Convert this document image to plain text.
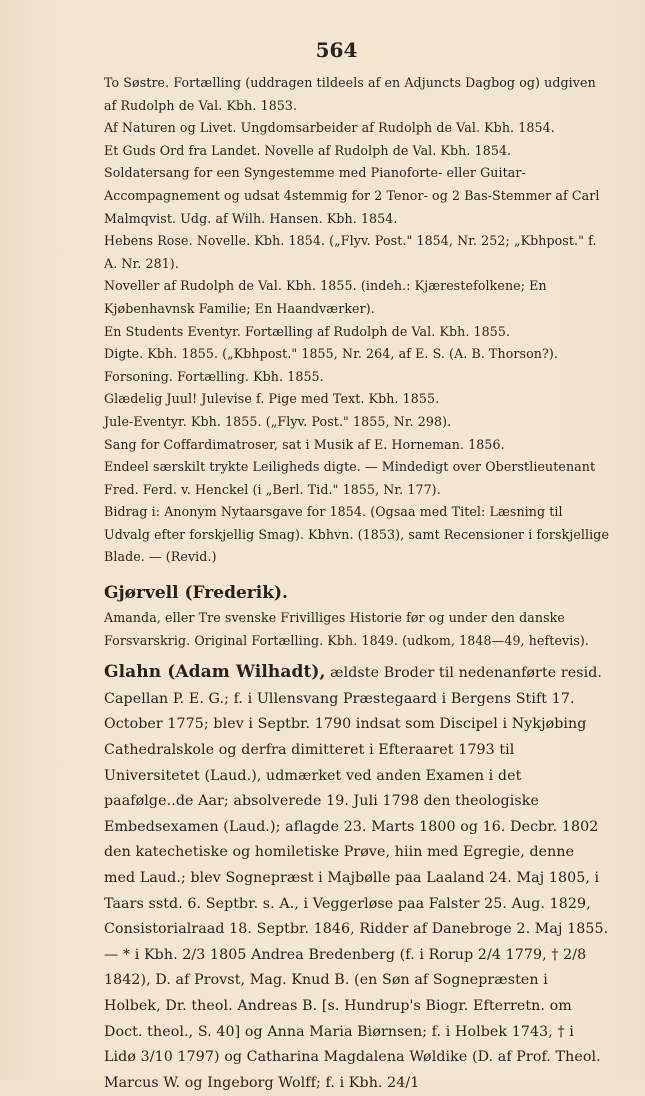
564

To Søstre. Fortælling (uddragen tildeels af en Adjuncts Dagbog og) udgiven af Rudolph de Val. Kbh. 1853.

Af Naturen og Livet. Ungdomsarbeider af Rudolph de Val. Kbh. 1854.

Et Guds Ord fra Landet. Novelle af Rudolph de Val. Kbh. 1854.

Soldatersang for een Syngestemme med Pianoforte- eller Guitar-Accompagnement og udsat 4stemmig for 2 Tenor- og 2 Bas-Stemmer af Carl Malmqvist. Udg. af Wilh. Hansen. Kbh. 1854.

Hebens Rose. Novelle. Kbh. 1854. („Flyv. Post." 1854, Nr. 252; „Kbhpost." f. A. Nr. 281).

Noveller af Rudolph de Val. Kbh. 1855. (indeh.: Kjærestefolkene; En Kjøbenhavnsk Familie; En Haandværker).

En Students Eventyr. Fortælling af Rudolph de Val. Kbh. 1855.

Digte. Kbh. 1855. („Kbhpost." 1855, Nr. 264, af E. S. (A. B. Thorson?).

Forsoning. Fortælling. Kbh. 1855.

Glædelig Juul! Julevise f. Pige med Text. Kbh. 1855.

Jule-Eventyr. Kbh. 1855. („Flyv. Post." 1855, Nr. 298).

Sang for Coffardimatroser, sat i Musik af E. Horneman. 1856.

Endeel særskilt trykte Leiligheds digte. — Mindedigt over Oberstlieutenant Fred. Ferd. v. Henckel (i „Berl. Tid." 1855, Nr. 177).

Bidrag i: Anonym Nytaarsgave for 1854. (Ogsaa med Titel: Læsning til Udvalg efter forskjellig Smag). Kbhvn. (1853), samt Recensioner i forskjellige Blade. — (Revid.)

Gjørvell (Frederik).

Amanda, eller Tre svenske Frivilliges Historie før og under den danske Forsvarskrig. Original Fortælling. Kbh. 1849. (udkom, 1848—49, heftevis).

Glahn (Adam Wilhadt), ældste Broder til nedenanførte resid. Capellan P. E. G.; f. i Ullensvang Præstegaard i Bergens Stift 17. October 1775; blev i Septbr. 1790 indsat som Discipel i Nykjøbing Cathedralskole og derfra dimitteret i Efteraaret 1793 til Universitetet (Laud.), udmærket ved anden Examen i det paafølge..de Aar; absolverede 19. Juli 1798 den theologiske Embedsexamen (Laud.); aflagde 23. Marts 1800 og 16. Decbr. 1802 den katechetiske og homiletiske Prøve, hiin med Egregie, denne med Laud.; blev Sognepræst i Majbølle paa Laaland 24. Maj 1805, i Taars sstd. 6. Septbr. s. A., i Veggerløse paa Falster 25. Aug. 1829, Consistorialraad 18. Septbr. 1846, Ridder af Danebroge 2. Maj 1855. — * i Kbh. 2/3 1805 Andrea Bredenberg (f. i Rorup 2/4 1779, † 2/8 1842), D. af Provst, Mag. Knud B. (en Søn af Sognepræsten i Holbek, Dr. theol. Andreas B. [s. Hundrup's Biogr. Efterretn. om Doct. theol., S. 40] og Anna Maria Biørnsen; f. i Holbek 1743, † i Lidø 3/10 1797) og Catharina Magdalena Wøldike (D. af Prof. Theol. Marcus W. og Ingeborg Wolff; f. i Kbh. 24/1
